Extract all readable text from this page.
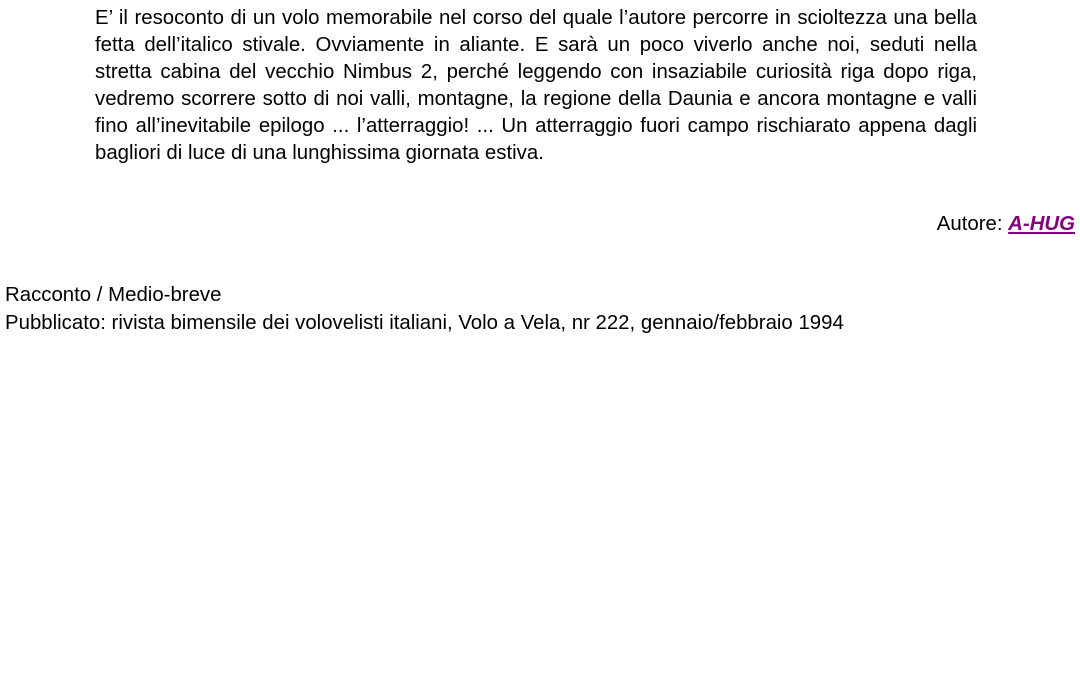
E’ il resoconto di un volo memorabile nel corso del quale l’autore percorre in scioltezza una bella fetta dell’italico stivale. Ovviamente in aliante. E sarà un poco viverlo anche noi, seduti nella stretta cabina del vecchio Nimbus 2, perché leggendo con insaziabile curiosità riga dopo riga, vedremo scorrere sotto di noi valli, montagne, la regione della Daunia e ancora montagne e valli fino all’inevitabile epilogo ... l’atterraggio! ... Un atterraggio fuori campo rischiarato appena dagli bagliori di luce di una lunghissima giornata estiva.

Autore: A-HUG

Racconto / Medio-breve
Pubblicato: rivista bimensile dei volovelisti italiani, Volo a Vela, nr 222, gennaio/febbraio 1994
